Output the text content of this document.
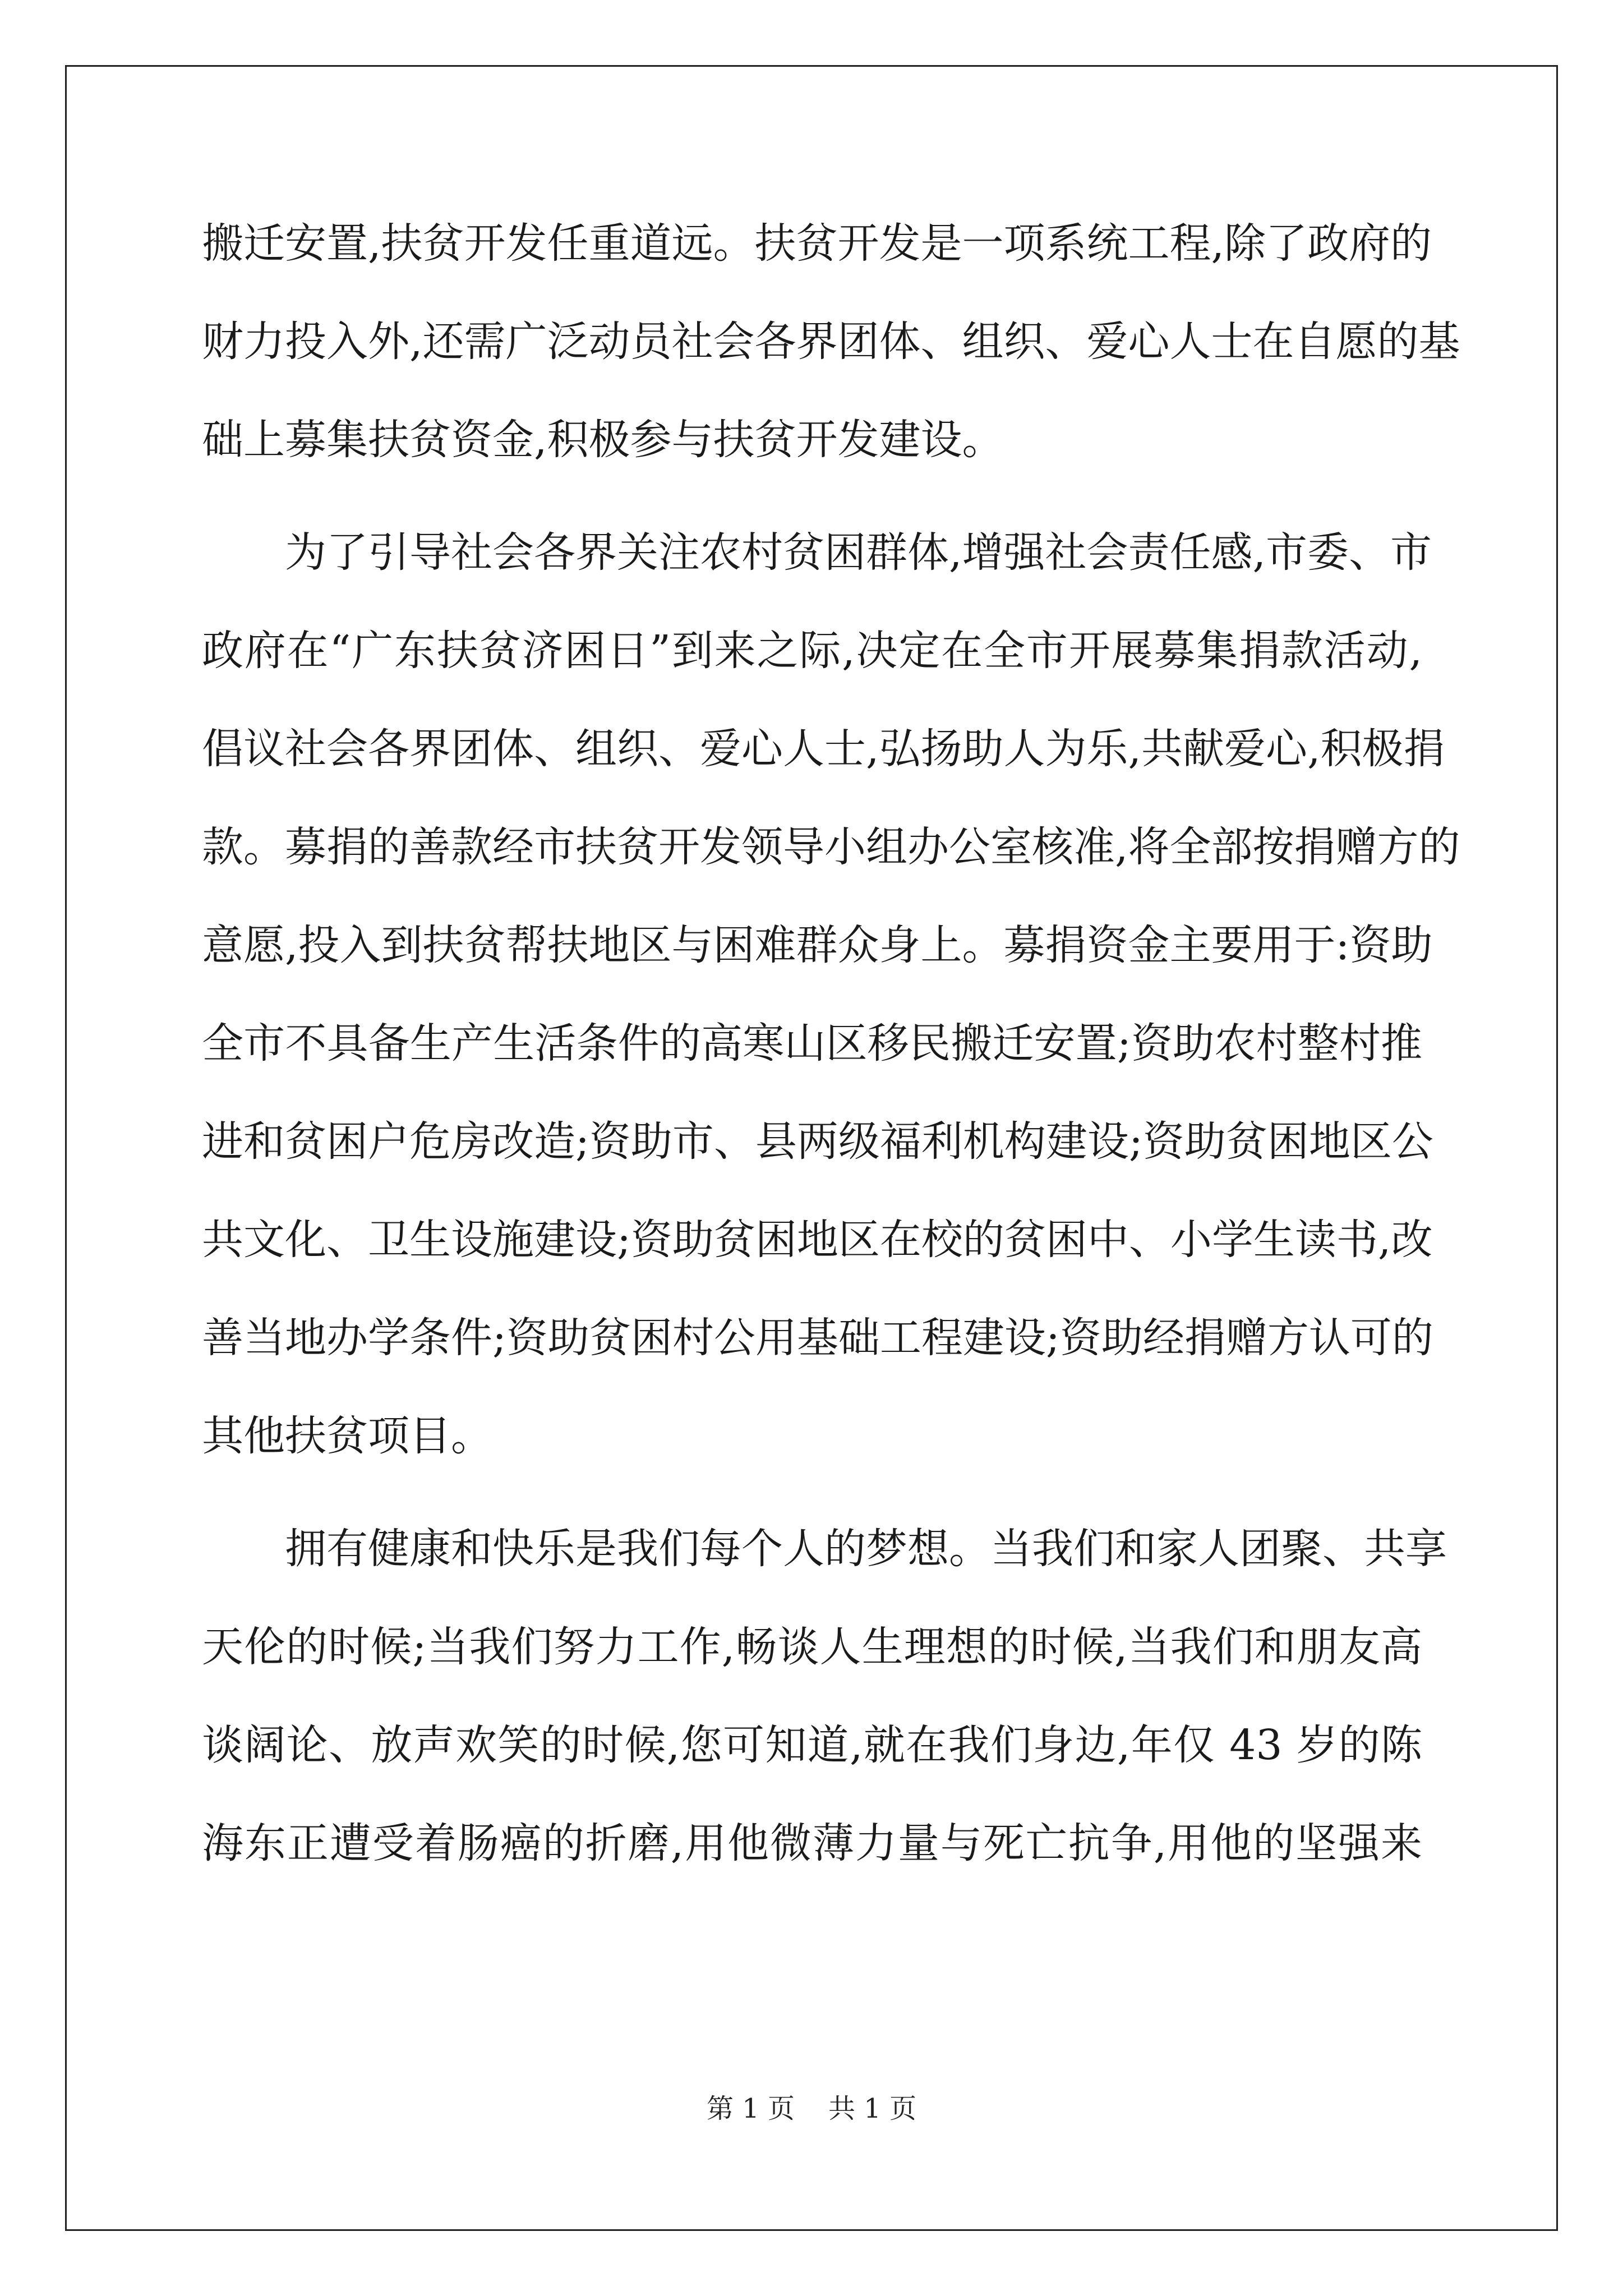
搬迁安置,扶贫开发任重道远。扶贫开发是一项系统工程,除了政府的
财力投入外,还需广泛动员社会各界团体、组织、爱心人士在自愿的基
础上募集扶贫资金,积极参与扶贫开发建设。
为了引导社会各界关注农村贫困群体,增强社会责任感,市委、市
政府在“广东扶贫济困日”到来之际,决定在全市开展募集捐款活动,
倡议社会各界团体、组织、爱心人士,弘扬助人为乐,共献爱心,积极捐
款。募捐的善款经市扶贫开发领导小组办公室核准,将全部按捐赠方的
意愿,投入到扶贫帮扶地区与困难群众身上。募捐资金主要用于:资助
全市不具备生产生活条件的高寒山区移民搬迁安置;资助农村整村推
进和贫困户危房改造;资助市、县两级福利机构建设;资助贫困地区公
共文化、卫生设施建设;资助贫困地区在校的贫困中、小学生读书,改
善当地办学条件;资助贫困村公用基础工程建设;资助经捐赠方认可的
其他扶贫项目。
拥有健康和快乐是我们每个人的梦想。当我们和家人团聚、共享
天伦的时候;当我们努力工作,畅谈人生理想的时候,当我们和朋友高
谈阔论、放声欢笑的时候,您可知道,就在我们身边,年仅 43 岁的陈
海东正遭受着肠癌的折磨,用他微薄力量与死亡抗争,用他的坚强来
第 1 页 共 1 页
